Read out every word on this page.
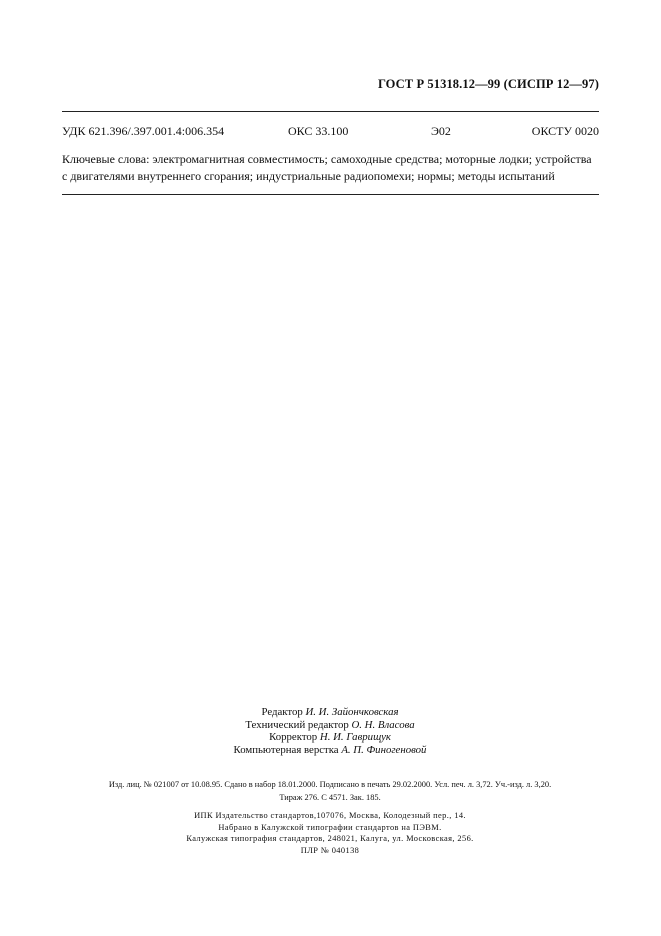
ГОСТ Р 51318.12—99 (СИСПР 12—97)
УДК 621.396/.397.001.4:006.354	ОКС 33.100	Э02	ОКСТУ 0020
Ключевые слова: электромагнитная совместимость; самоходные средства; моторные лодки; устройства
с двигателями внутреннего сгорания; индустриальные радиопомехи; нормы; методы испытаний
Редактор И. И. Зайончковская
Технический редактор О. Н. Власова
Корректор Н. И. Гаврищук
Компьютерная верстка А. П. Финогеновой
Изд. лиц. № 021007 от 10.08.95. Сдано в набор 18.01.2000. Подписано в печать 29.02.2000. Усл. печ. л. 3,72. Уч.-изд. л. 3,20.
Тираж 276. С 4571. Зак. 185.
ИПК Издательство стандартов,107076, Москва, Колодезный пер., 14.
Набрано в Калужской типографии стандартов на ПЭВМ.
Калужская типография стандартов, 248021, Калуга, ул. Московская, 256.
ПЛР № 040138
